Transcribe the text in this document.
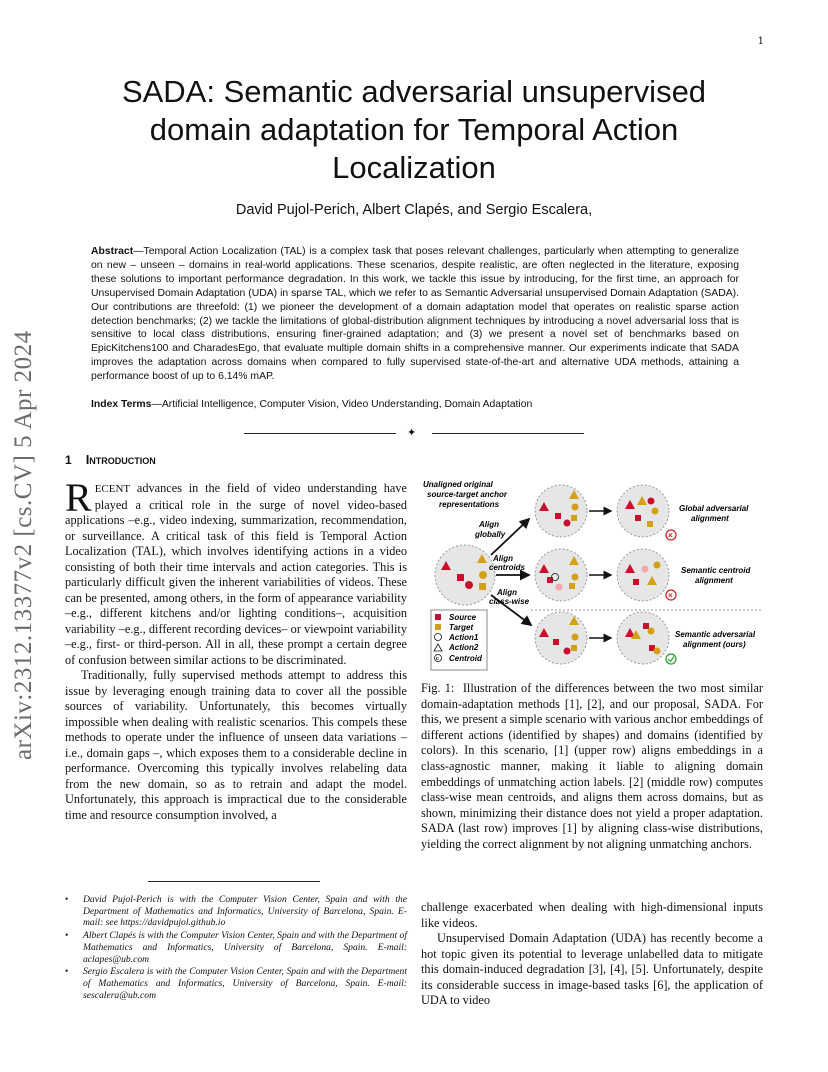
1
arXiv:2312.13377v2 [cs.CV] 5 Apr 2024
SADA: Semantic adversarial unsupervised domain adaptation for Temporal Action Localization
David Pujol-Perich, Albert Clapés, and Sergio Escalera,
Abstract—Temporal Action Localization (TAL) is a complex task that poses relevant challenges, particularly when attempting to generalize on new – unseen – domains in real-world applications. These scenarios, despite realistic, are often neglected in the literature, exposing these solutions to important performance degradation. In this work, we tackle this issue by introducing, for the first time, an approach for Unsupervised Domain Adaptation (UDA) in sparse TAL, which we refer to as Semantic Adversarial unsupervised Domain Adaptation (SADA). Our contributions are threefold: (1) we pioneer the development of a domain adaptation model that operates on realistic sparse action detection benchmarks; (2) we tackle the limitations of global-distribution alignment techniques by introducing a novel adversarial loss that is sensitive to local class distributions, ensuring finer-grained adaptation; and (3) we present a novel set of benchmarks based on EpicKitchens100 and CharadesEgo, that evaluate multiple domain shifts in a comprehensive manner. Our experiments indicate that SADA improves the adaptation across domains when compared to fully supervised state-of-the-art and alternative UDA methods, attaining a performance boost of up to 6.14% mAP.
Index Terms—Artificial Intelligence, Computer Vision, Video Understanding, Domain Adaptation
✦
1 Introduction

RECENT advances in the field of video understanding have played a critical role in the surge of novel video-based applications –e.g., video indexing, summarization, recommendation, or surveillance. A critical task of this field is Temporal Action Localization (TAL), which involves identifying actions in a video consisting of both their time intervals and action categories. This is particularly difficult given the inherent variabilities of videos. These can be presented, among others, in the form of appearance variability –e.g., different kitchens and/or lighting conditions–, acquisition variability –e.g., different recording devices– or viewpoint variability –e.g., first- or third-person. All in all, these prompt a certain degree of confusion between similar actions to be discriminated.

Traditionally, fully supervised methods attempt to address this issue by leveraging enough training data to cover all the possible sources of variability. Unfortunately, this becomes virtually impossible when dealing with realistic scenarios. This compels these methods to operate under the influence of unseen data variations – i.e., domain gaps –, which exposes them to a considerable decline in performance. Overcoming this typically involves relabeling data from the new domain, so as to retrain and adapt the model. Unfortunately, this approach is impractical due to the considerable time and resource consumption involved, a

• David Pujol-Perich is with the Computer Vision Center, Spain and with the Department of Mathematics and Informatics, University of Barcelona, Spain. E-mail: see https://davidpujol.github.io
• Albert Clapés is with the Computer Vision Center, Spain and with the Department of Mathematics and Informatics, University of Barcelona, Spain. E-mail: aclapes@ub.com
• Sergio Escalera is with the Computer Vision Center, Spain and with the Department of Mathematics and Informatics, University of Barcelona, Spain. E-mail: sescalera@ub.com
Unaligned original
source-target anchor
representations
Align
globally
Align
centroids
Align
class-wise
Global adversarial
alignment
×
Semantic centroid
alignment
×
Semantic adversarial
alignment (ours)
Source
Target
Action1
Action2
c Centroid
Fig. 1: Illustration of the differences between the two most similar domain-adaptation methods [1], [2], and our proposal, SADA. For this, we present a simple scenario with various anchor embeddings of different actions (identified by shapes) and domains (identified by colors). In this scenario, [1] (upper row) aligns embeddings in a class-agnostic manner, making it liable to aligning domain embeddings of unmatching action labels. [2] (middle row) computes class-wise mean centroids, and aligns them across domains, but as shown, minimizing their distance does not yield a proper adaptation. SADA (last row) improves [1] by aligning class-wise distributions, yielding the correct alignment by not aligning unmatching anchors.

challenge exacerbated when dealing with high-dimensional inputs like videos.

Unsupervised Domain Adaptation (UDA) has recently become a hot topic given its potential to leverage unlabelled data to mitigate this domain-induced degradation [3], [4], [5]. Unfortunately, despite its considerable success in image-based tasks [6], the application of UDA to video
